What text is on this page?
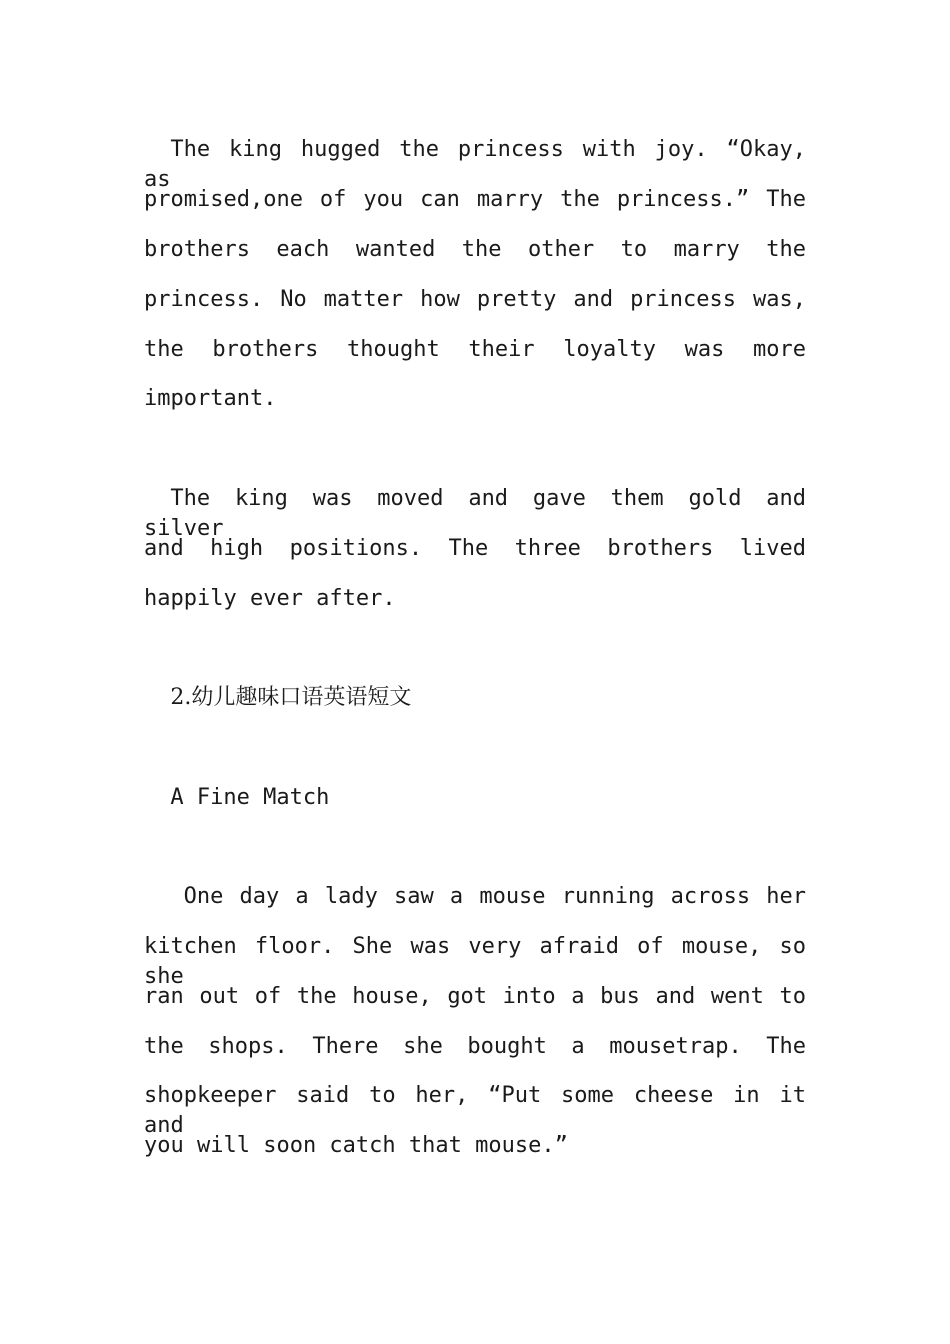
The king hugged the princess with joy. “Okay, as
promised,one of you can marry the princess.” The
brothers each wanted the other to marry the
princess. No matter how pretty and princess was,
the brothers thought their loyalty was more
important.
The king was moved and gave them gold and silver
and high positions. The three brothers lived
happily ever after.
2.幼儿趣味口语英语短文
A Fine Match
One day a lady saw a mouse running across her
kitchen floor. She was very afraid of mouse, so she
ran out of the house, got into a bus and went to
the shops. There she bought a mousetrap. The
shopkeeper said to her, “Put some cheese in it and
you will soon catch that mouse.”
